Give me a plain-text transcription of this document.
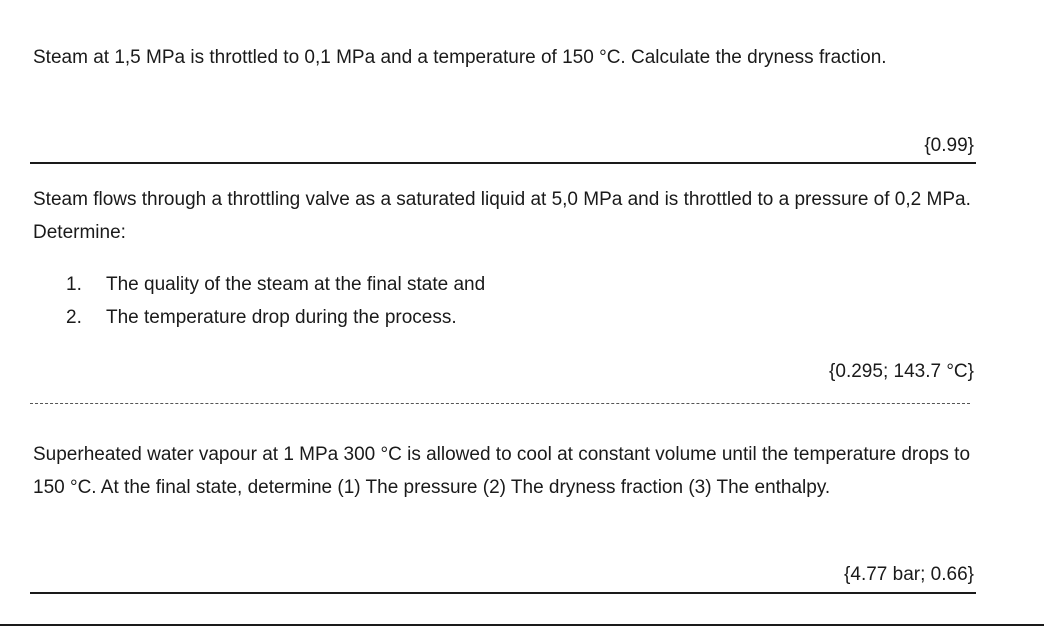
Steam at 1,5 MPa is throttled to 0,1 MPa and a temperature of 150 °C. Calculate the dryness fraction.

{0.99}

Steam flows through a throttling valve as a saturated liquid at 5,0 MPa and is throttled to a pressure of 0,2 MPa. Determine:

1.	The quality of the steam at the final state and
2.	The temperature drop during the process.

{0.295; 143.7 °C}

Superheated water vapour at 1 MPa 300 °C is allowed to cool at constant volume until the temperature drops to 150 °C. At the final state, determine (1) The pressure (2) The dryness fraction (3) The enthalpy.

{4.77 bar; 0.66}
